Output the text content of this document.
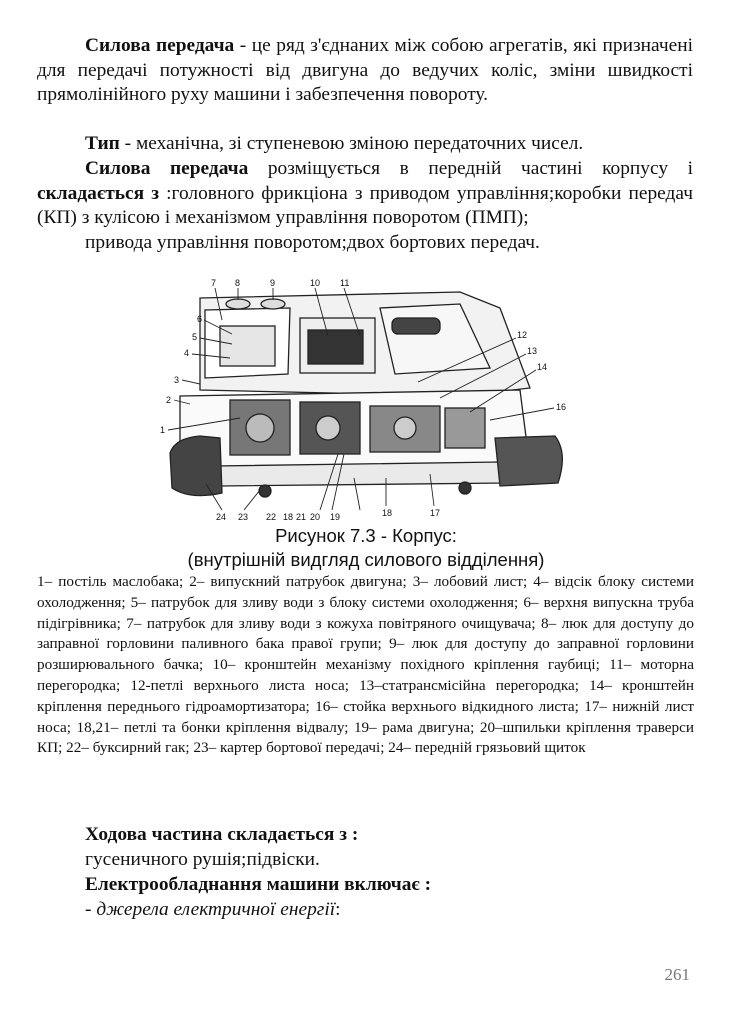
Силова передача - це ряд з'єднаних між собою агрегатів, які призначені для передачі потужності від двигуна до ведучих коліс, зміни швидкості прямолінійного руху машини і забезпечення повороту.

Тип - механічна, зі ступеневою зміною передаточних чисел.

Силова передача розміщується в передній частині корпусу і складається з :головного фрикціона з приводом управління;коробки передач (КП) з кулісою і механізмом управління поворотом (ПМП);

привода управління поворотом;двох бортових передач.

7 8	9	10 11
6
5
4
3
2
1
12
13
14
16
24 23 22 18 21 20 19	18	17
Рисунок 7.3 - Корпус:
(внутрішній видгляд силового відділення)

1– постіль маслобака; 2– випускний патрубок двигуна; 3– лобовий лист; 4– відсік блоку системи охолодження; 5– патрубок для зливу води з блоку системи охолодження; 6– верхня випускна труба підігрівника; 7– патрубок для зливу води з кожуха повітряного очищувача; 8– люк для доступу до заправної горловини паливного бака правої групи; 9– люк для доступу до заправної горловини розширювального бачка; 10– кронштейн механізму похідного кріплення гаубиці; 11– моторна перегородка; 12-петлі верхнього листа носа; 13–статрансмісійна перегородка; 14– кронштейн кріплення переднього гідроамортизатора; 16– стойка верхнього відкидного листа; 17– нижній лист носа; 18,21– петлі та бонки кріплення відвалу; 19– рама двигуна; 20–шпильки кріплення траверси КП; 22– буксирний гак; 23– картер бортової передачі; 24– передній грязьовий щиток

Ходова частина складається з :

гусеничного рушія;підвіски.

Електрообладнання машини включає :

- джерела електричної енергії:

261
